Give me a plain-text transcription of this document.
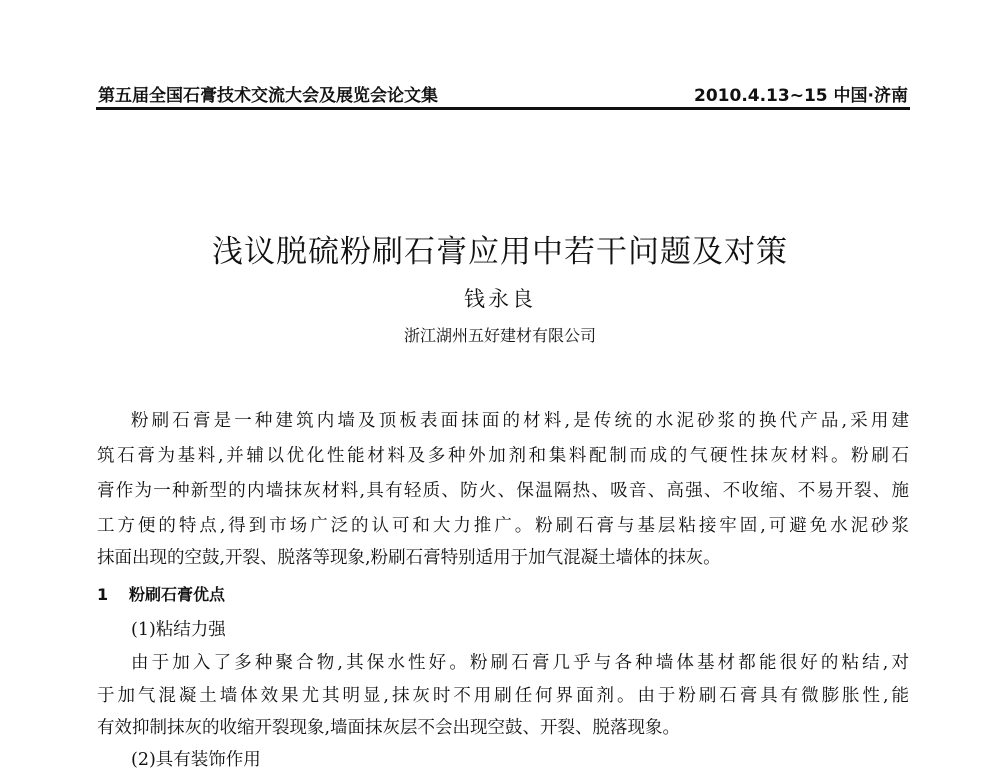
第五届全国石膏技术交流大会及展览会论文集	2010.4.13~15 中国·济南
浅议脱硫粉刷石膏应用中若干问题及对策
钱永良
浙江湖州五好建材有限公司
粉刷石膏是一种建筑内墙及顶板表面抹面的材料,是传统的水泥砂浆的换代产品,采用建
筑石膏为基料,并辅以优化性能材料及多种外加剂和集料配制而成的气硬性抹灰材料。粉刷石
膏作为一种新型的内墙抹灰材料,具有轻质、防火、保温隔热、吸音、高强、不收缩、不易开裂、施
工方便的特点,得到市场广泛的认可和大力推广。粉刷石膏与基层粘接牢固,可避免水泥砂浆
抹面出现的空鼓,开裂、脱落等现象,粉刷石膏特别适用于加气混凝土墙体的抹灰。
1 粉刷石膏优点
(1)粘结力强
由于加入了多种聚合物,其保水性好。粉刷石膏几乎与各种墙体基材都能很好的粘结,对
于加气混凝土墙体效果尤其明显,抹灰时不用刷任何界面剂。由于粉刷石膏具有微膨胀性,能
有效抑制抹灰的收缩开裂现象,墙面抹灰层不会出现空鼓、开裂、脱落现象。
(2)具有装饰作用
